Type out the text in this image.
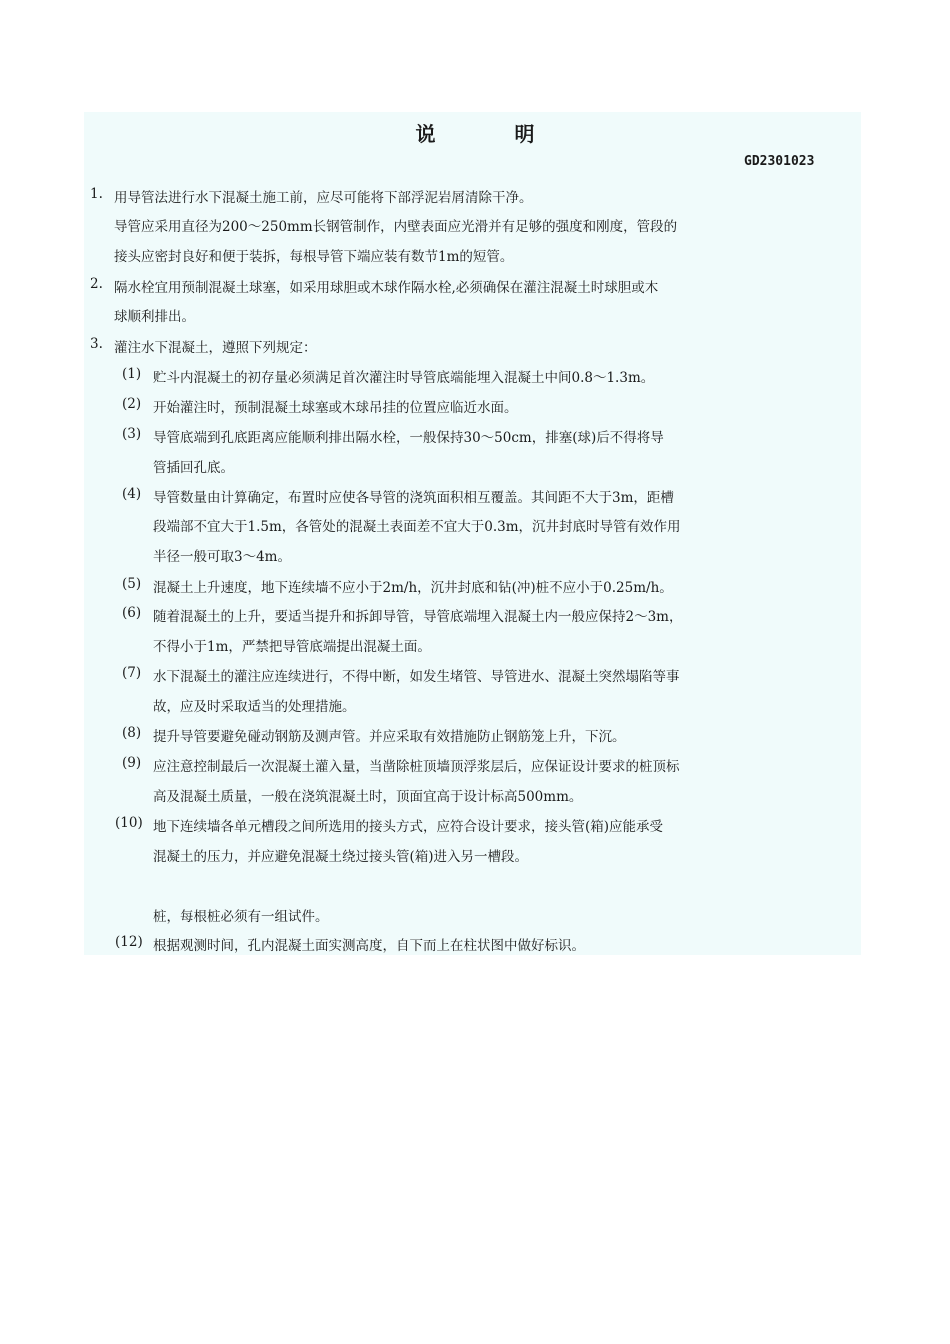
说 明
GD2301023
1. 用导管法进行水下混凝土施工前，应尽可能将下部浮泥岩屑清除干净。
导管应采用直径为200～250mm长钢管制作，内壁表面应光滑并有足够的强度和刚度，管段的
接头应密封良好和便于装拆，每根导管下端应装有数节1m的短管。
2. 隔水栓宜用预制混凝土球塞，如采用球胆或木球作隔水栓,必须确保在灌注混凝土时球胆或木
球顺利排出。
3. 灌注水下混凝土，遵照下列规定：
(1) 贮斗内混凝土的初存量必须满足首次灌注时导管底端能埋入混凝土中间0.8～1.3m。
(2) 开始灌注时，预制混凝土球塞或木球吊挂的位置应临近水面。
(3) 导管底端到孔底距离应能顺利排出隔水栓，一般保持30～50cm，排塞(球)后不得将导
管插回孔底。
(4) 导管数量由计算确定，布置时应使各导管的浇筑面积相互覆盖。其间距不大于3m，距槽
段端部不宜大于1.5m，各管处的混凝土表面差不宜大于0.3m，沉井封底时导管有效作用
半径一般可取3～4m。
(5) 混凝土上升速度，地下连续墙不应小于2m/h，沉井封底和钻(冲)桩不应小于0.25m/h。
(6) 随着混凝土的上升，要适当提升和拆卸导管，导管底端埋入混凝土内一般应保持2～3m，
不得小于1m，严禁把导管底端提出混凝土面。
(7) 水下混凝土的灌注应连续进行，不得中断，如发生堵管、导管进水、混凝土突然塌陷等事
故，应及时采取适当的处理措施。
(8) 提升导管要避免碰动钢筋及测声管。并应采取有效措施防止钢筋笼上升，下沉。
(9) 应注意控制最后一次混凝土灌入量，当凿除桩顶墙顶浮浆层后，应保证设计要求的桩顶标
高及混凝土质量，一般在浇筑混凝土时，顶面宜高于设计标高500mm。
(10) 地下连续墙各单元槽段之间所选用的接头方式，应符合设计要求，接头管(箱)应能承受
混凝土的压力，并应避免混凝土绕过接头管(箱)进入另一槽段。
桩，每根桩必须有一组试件。
(12) 根据观测时间，孔内混凝土面实测高度，自下而上在柱状图中做好标识。
